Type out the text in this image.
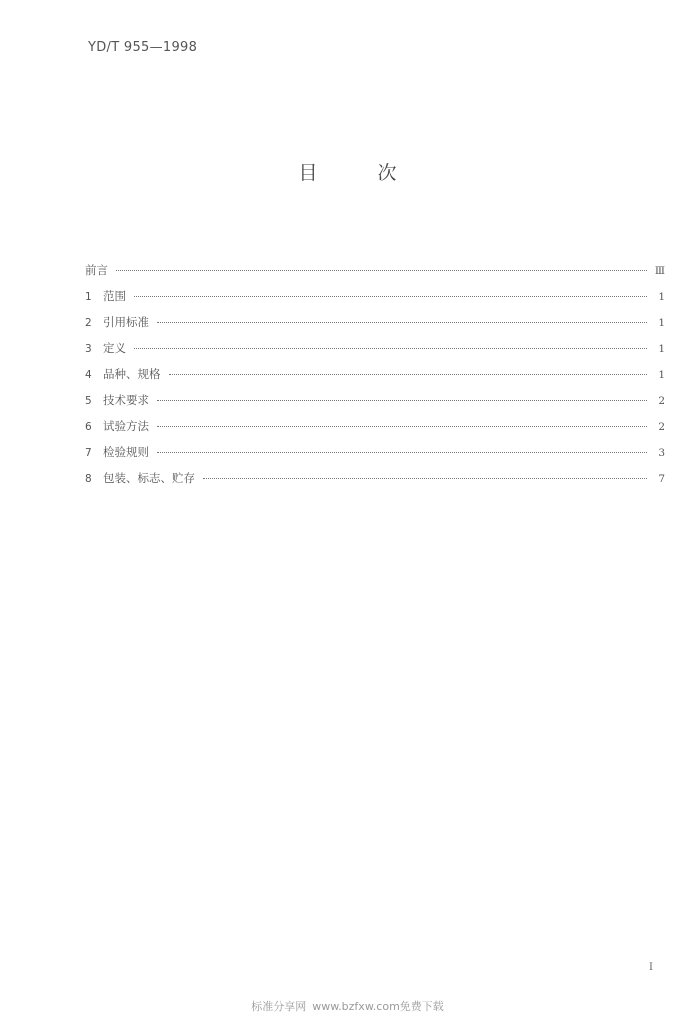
YD/T 955—1998
目	次
前言	Ⅲ
1 范围	1
2 引用标准	1
3 定义	1
4 品种、规格	1
5 技术要求	2
6 试验方法	2
7 检验规则	3
8 包装、标志、贮存	7
I
标准分享网 www.bzfxw.com免费下载
